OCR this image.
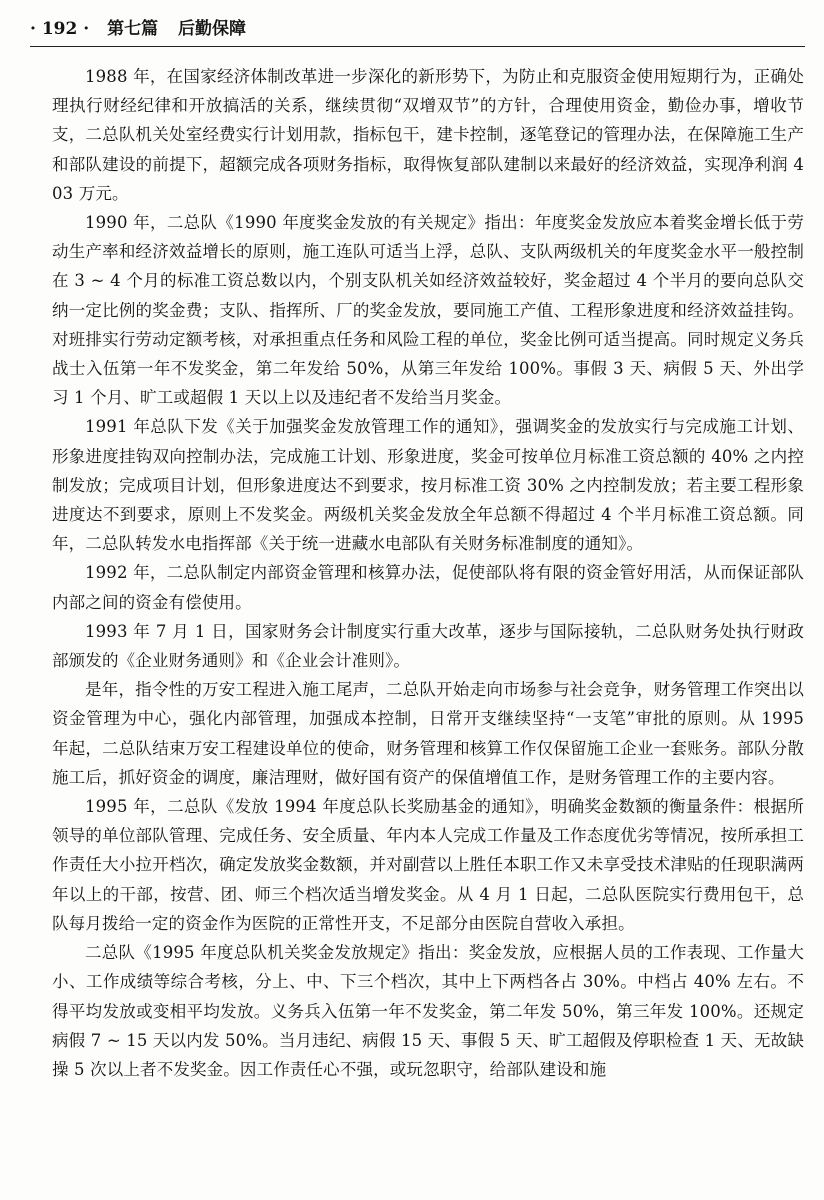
· 192 · 第七篇 后勤保障

1988 年，在国家经济体制改革进一步深化的新形势下，为防止和克服资金使用短期行为，正确处理执行财经纪律和开放搞活的关系，继续贯彻“双增双节”的方针，合理使用资金，勤俭办事，增收节支，二总队机关处室经费实行计划用款，指标包干，建卡控制，逐笔登记的管理办法，在保障施工生产和部队建设的前提下，超额完成各项财务指标，取得恢复部队建制以来最好的经济效益，实现净利润 403 万元。

1990 年，二总队《1990 年度奖金发放的有关规定》指出：年度奖金发放应本着奖金增长低于劳动生产率和经济效益增长的原则，施工连队可适当上浮，总队、支队两级机关的年度奖金水平一般控制在 3 ~ 4 个月的标准工资总数以内，个别支队机关如经济效益较好，奖金超过 4 个半月的要向总队交纳一定比例的奖金费；支队、指挥所、厂的奖金发放，要同施工产值、工程形象进度和经济效益挂钩。对班排实行劳动定额考核，对承担重点任务和风险工程的单位，奖金比例可适当提高。同时规定义务兵战士入伍第一年不发奖金，第二年发给 50%，从第三年发给 100%。事假 3 天、病假 5 天、外出学习 1 个月、旷工或超假 1 天以上以及违纪者不发给当月奖金。

1991 年总队下发《关于加强奖金发放管理工作的通知》，强调奖金的发放实行与完成施工计划、形象进度挂钩双向控制办法，完成施工计划、形象进度，奖金可按单位月标准工资总额的 40% 之内控制发放；完成项目计划，但形象进度达不到要求，按月标准工资 30% 之内控制发放；若主要工程形象进度达不到要求，原则上不发奖金。两级机关奖金发放全年总额不得超过 4 个半月标准工资总额。同年，二总队转发水电指挥部《关于统一进藏水电部队有关财务标准制度的通知》。

1992 年，二总队制定内部资金管理和核算办法，促使部队将有限的资金管好用活，从而保证部队内部之间的资金有偿使用。

1993 年 7 月 1 日，国家财务会计制度实行重大改革，逐步与国际接轨，二总队财务处执行财政部颁发的《企业财务通则》和《企业会计准则》。

是年，指令性的万安工程进入施工尾声，二总队开始走向市场参与社会竞争，财务管理工作突出以资金管理为中心，强化内部管理，加强成本控制，日常开支继续坚持“一支笔”审批的原则。从 1995 年起，二总队结束万安工程建设单位的使命，财务管理和核算工作仅保留施工企业一套账务。部队分散施工后，抓好资金的调度，廉洁理财，做好国有资产的保值增值工作，是财务管理工作的主要内容。

1995 年，二总队《发放 1994 年度总队长奖励基金的通知》，明确奖金数额的衡量条件：根据所领导的单位部队管理、完成任务、安全质量、年内本人完成工作量及工作态度优劣等情况，按所承担工作责任大小拉开档次，确定发放奖金数额，并对副营以上胜任本职工作又未享受技术津贴的任现职满两年以上的干部，按营、团、师三个档次适当增发奖金。从 4 月 1 日起，二总队医院实行费用包干，总队每月拨给一定的资金作为医院的正常性开支，不足部分由医院自营收入承担。

二总队《1995 年度总队机关奖金发放规定》指出：奖金发放，应根据人员的工作表现、工作量大小、工作成绩等综合考核，分上、中、下三个档次，其中上下两档各占 30%。中档占 40% 左右。不得平均发放或变相平均发放。义务兵入伍第一年不发奖金，第二年发 50%，第三年发 100%。还规定病假 7 ~ 15 天以内发 50%。当月违纪、病假 15 天、事假 5 天、旷工超假及停职检查 1 天、无故缺操 5 次以上者不发奖金。因工作责任心不强，或玩忽职守，给部队建设和施
